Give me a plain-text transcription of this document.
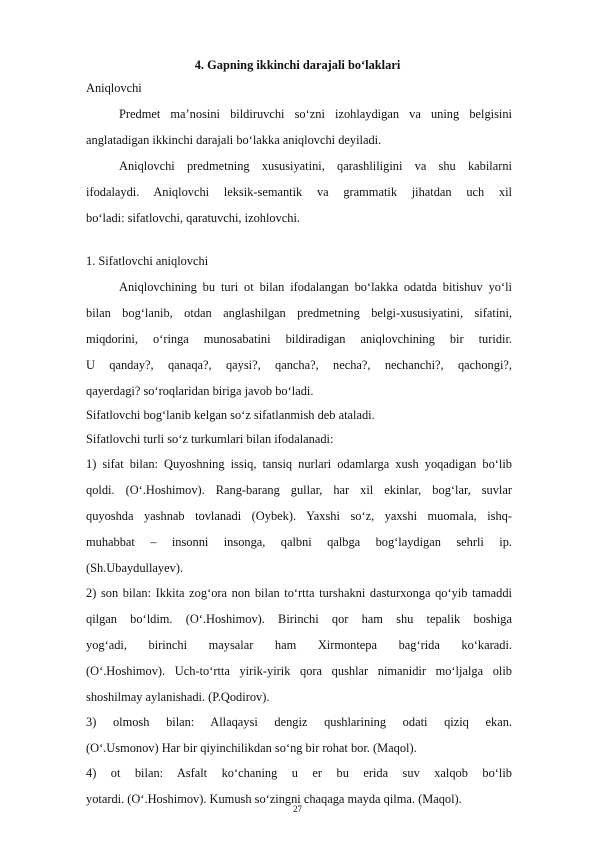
4. Gapning ikkinchi darajali bo‘laklari
Aniqlovchi
Predmet ma’nosini bildiruvchi so‘zni izohlaydigan va uning belgisini
anglatadigan ikkinchi darajali bo‘lakka aniqlovchi deyiladi.
Aniqlovchi predmetning xususiyatini, qarashliligini va shu kabilarni
ifodalaydi. Aniqlovchi leksik-semantik va grammatik jihatdan uch xil
bo‘ladi: sifatlovchi, qaratuvchi, izohlovchi.
1. Sifatlovchi aniqlovchi
Aniqlovchining bu turi ot bilan ifodalangan bo‘lakka odatda bitishuv yo‘li
bilan bog‘lanib, otdan anglashilgan predmetning belgi-xususiyatini, sifatini,
miqdorini, o‘ringa munosabatini bildiradigan aniqlovchining bir turidir.
U qanday?, qanaqa?, qaysi?, qancha?, necha?, nechanchi?, qachongi?,
qayerdagi? so‘roqlaridan biriga javob bo‘ladi.
Sifatlovchi bog‘lanib kelgan so‘z sifatlanmish deb ataladi.
Sifatlovchi turli so‘z turkumlari bilan ifodalanadi:
1) sifat bilan: Quyoshning issiq, tansiq nurlari odamlarga xush yoqadigan bo‘lib
qoldi. (O‘.Hoshimov). Rang-barang gullar, har xil ekinlar, bog‘lar, suvlar
quyoshda yashnab tovlanadi (Oybek). Yaxshi so‘z, yaxshi muomala, ishq-
muhabbat – insonni insonga, qalbni qalbga bog‘laydigan sehrli ip.
(Sh.Ubaydullayev).
2) son bilan: Ikkita zog‘ora non bilan to‘rtta turshakni dasturxonga qo‘yib tamaddi
qilgan bo‘ldim. (O‘.Hoshimov). Birinchi qor ham shu tepalik boshiga
yog‘adi, birinchi maysalar ham Xirmontepa bag‘rida ko‘karadi.
(O‘.Hoshimov). Uch-to‘rtta yirik-yirik qora qushlar nimanidir mo‘ljalga olib
shoshilmay aylanishadi. (P.Qodirov).
3) olmosh bilan: Allaqaysi dengiz qushlarining odati qiziq ekan.
(O‘.Usmonov) Har bir qiyinchilikdan so‘ng bir rohat bor. (Maqol).
4) ot bilan: Asfalt ko‘chaning u er bu erida suv xalqob bo‘lib
yotardi. (O‘.Hoshimov). Kumush so‘zingni chaqaga mayda qilma. (Maqol).
27
